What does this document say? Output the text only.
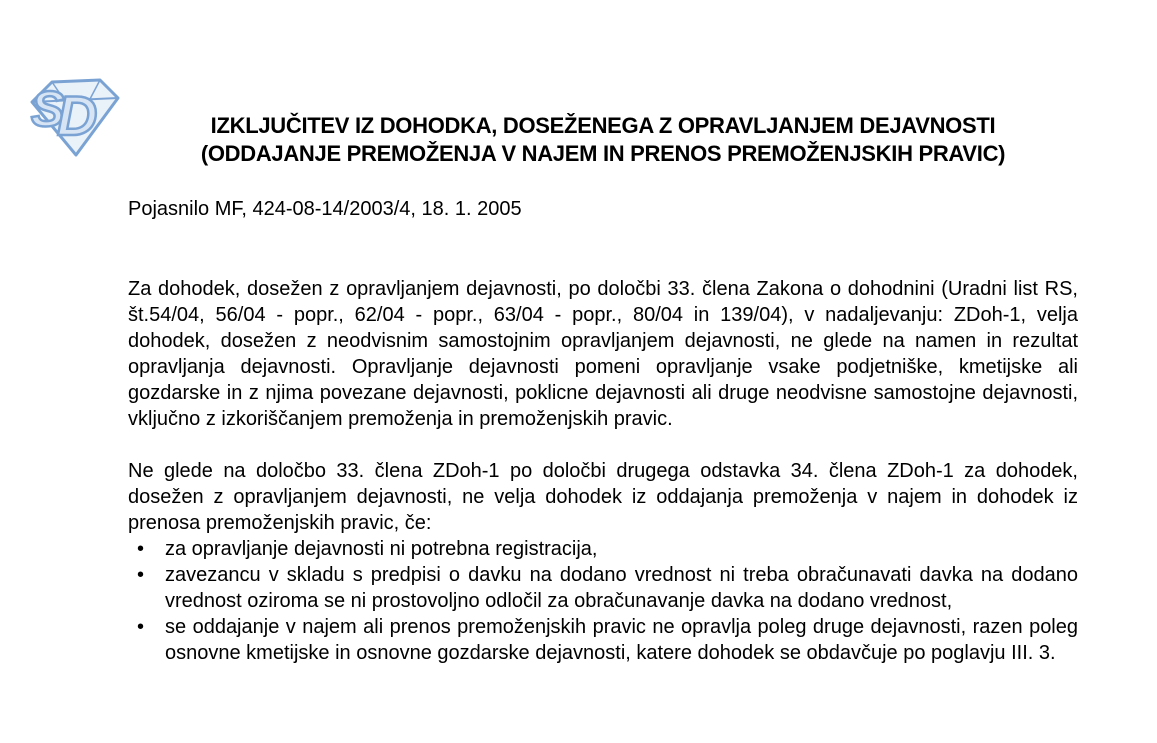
S
D	IZKLJUČITEV IZ DOHODKA, DOSEŽENEGA Z OPRAVLJANJEM DEJAVNOSTI
(ODDAJANJE PREMOŽENJA V NAJEM IN PRENOS PREMOŽENJSKIH PRAVIC)

Pojasnilo MF, 424-08-14/2003/4, 18. 1. 2005

Za dohodek, dosežen z opravljanjem dejavnosti, po določbi 33. člena Zakona o dohodnini (Uradni list RS, št.54/04, 56/04 - popr., 62/04 - popr., 63/04 - popr., 80/04 in 139/04), v nadaljevanju: ZDoh-1, velja dohodek, dosežen z neodvisnim samostojnim opravljanjem dejavnosti, ne glede na namen in rezultat opravljanja dejavnosti. Opravljanje dejavnosti pomeni opravljanje vsake podjetniške, kmetijske ali gozdarske in z njima povezane dejavnosti, poklicne dejavnosti ali druge neodvisne samostojne dejavnosti, vključno z izkoriščanjem premoženja in premoženjskih pravic.

Ne glede na določbo 33. člena ZDoh-1 po določbi drugega odstavka 34. člena ZDoh-1 za dohodek, dosežen z opravljanjem dejavnosti, ne velja dohodek iz oddajanja premoženja v najem in dohodek iz prenosa premoženjskih pravic, če:

• za opravljanje dejavnosti ni potrebna registracija,
• zavezancu v skladu s predpisi o davku na dodano vrednost ni treba obračunavati davka na dodano vrednost oziroma se ni prostovoljno odločil za obračunavanje davka na dodano vrednost,
• se oddajanje v najem ali prenos premoženjskih pravic ne opravlja poleg druge dejavnosti, razen poleg osnovne kmetijske in osnovne gozdarske dejavnosti, katere dohodek se obdavčuje po poglavju III. 3.
